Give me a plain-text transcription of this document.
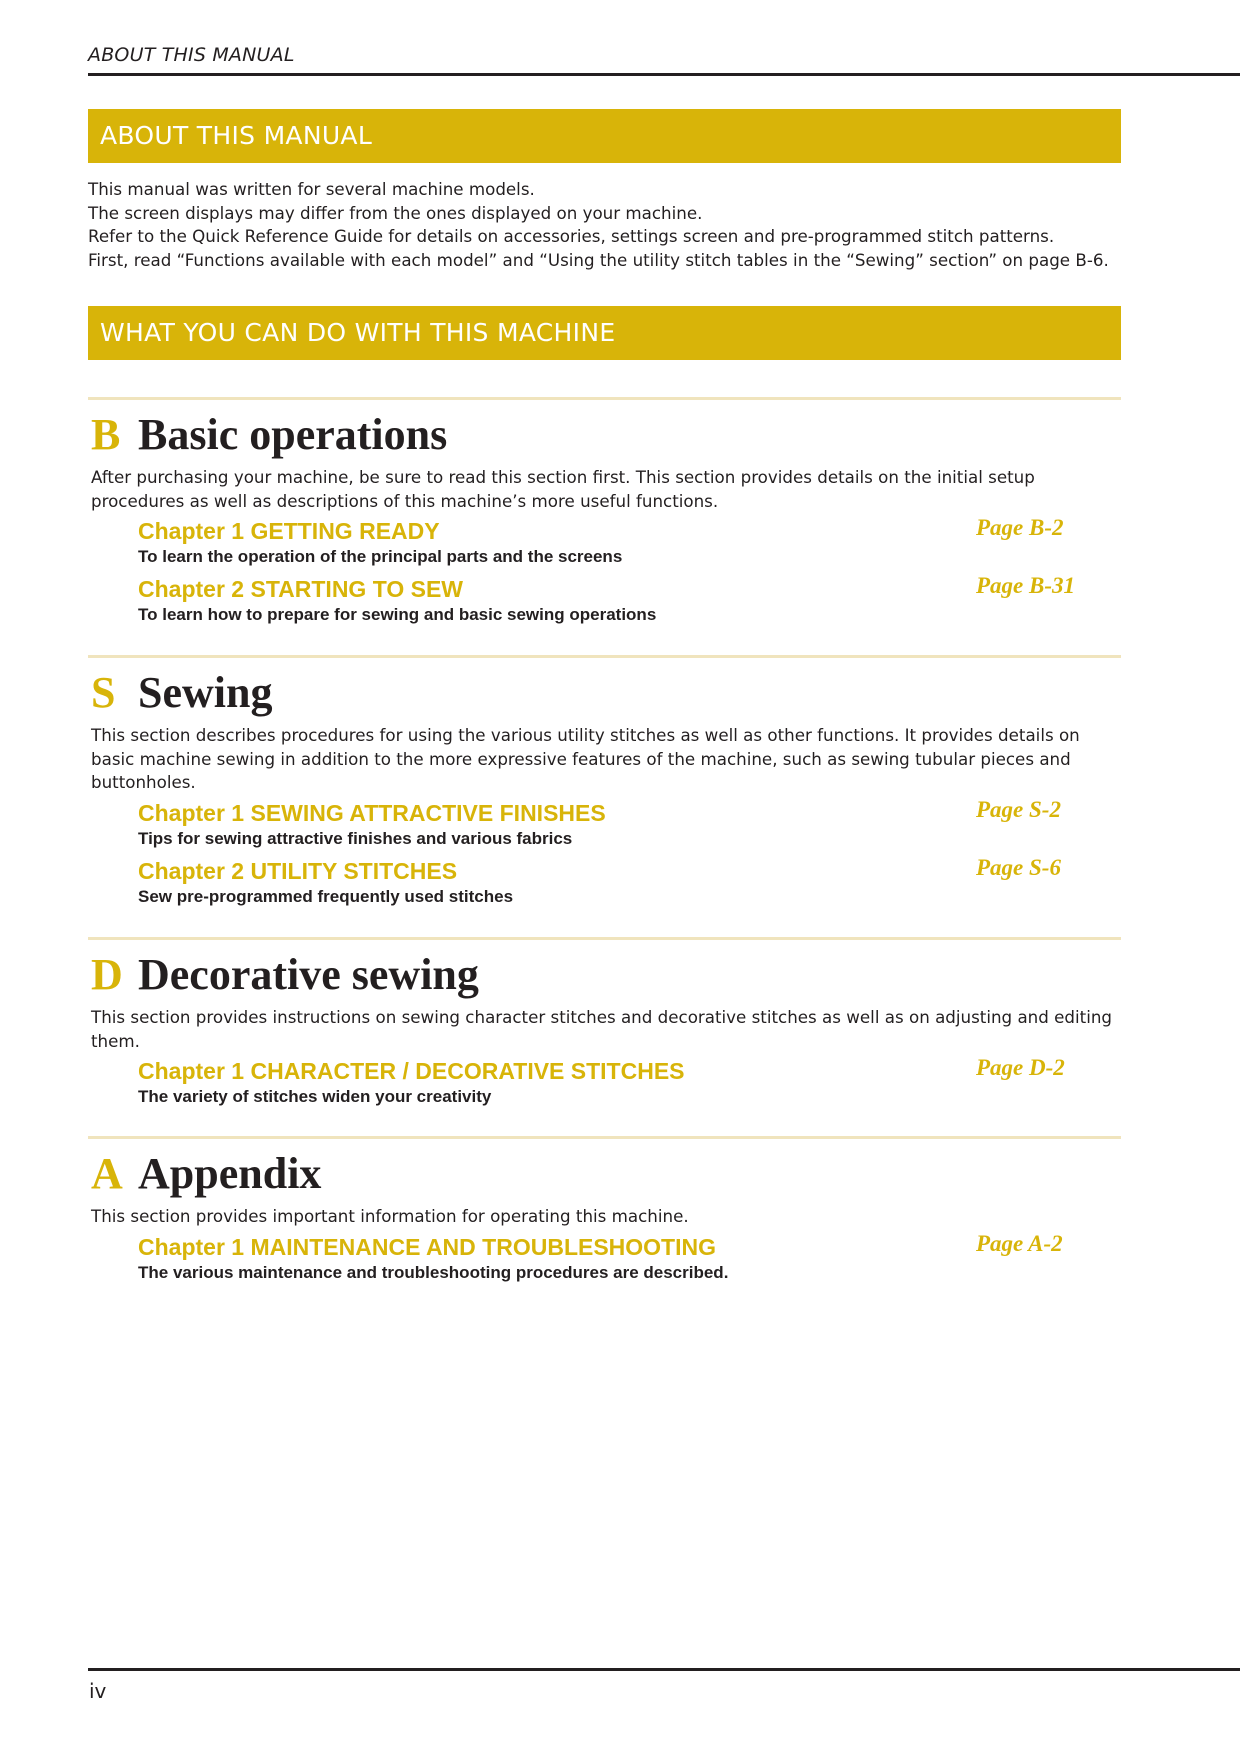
ABOUT THIS MANUAL
ABOUT THIS MANUAL
This manual was written for several machine models.
The screen displays may differ from the ones displayed on your machine.
Refer to the Quick Reference Guide for details on accessories, settings screen and pre-programmed stitch patterns.
First, read “Functions available with each model” and “Using the utility stitch tables in the “Sewing” section” on page B-6.
WHAT YOU CAN DO WITH THIS MACHINE
B Basic operations
After purchasing your machine, be sure to read this section first. This section provides details on the initial setup procedures as well as descriptions of this machine’s more useful functions.
Chapter 1 GETTING READY
To learn the operation of the principal parts and the screens
Page B-2
Chapter 2 STARTING TO SEW
To learn how to prepare for sewing and basic sewing operations
Page B-31
S Sewing
This section describes procedures for using the various utility stitches as well as other functions. It provides details on basic machine sewing in addition to the more expressive features of the machine, such as sewing tubular pieces and buttonholes.
Chapter 1 SEWING ATTRACTIVE FINISHES
Tips for sewing attractive finishes and various fabrics
Page S-2
Chapter 2 UTILITY STITCHES
Sew pre-programmed frequently used stitches
Page S-6
D Decorative sewing
This section provides instructions on sewing character stitches and decorative stitches as well as on adjusting and editing them.
Chapter 1 CHARACTER / DECORATIVE STITCHES
The variety of stitches widen your creativity
Page D-2
A Appendix
This section provides important information for operating this machine.
Chapter 1 MAINTENANCE AND TROUBLESHOOTING
The various maintenance and troubleshooting procedures are described.
Page A-2
iv
